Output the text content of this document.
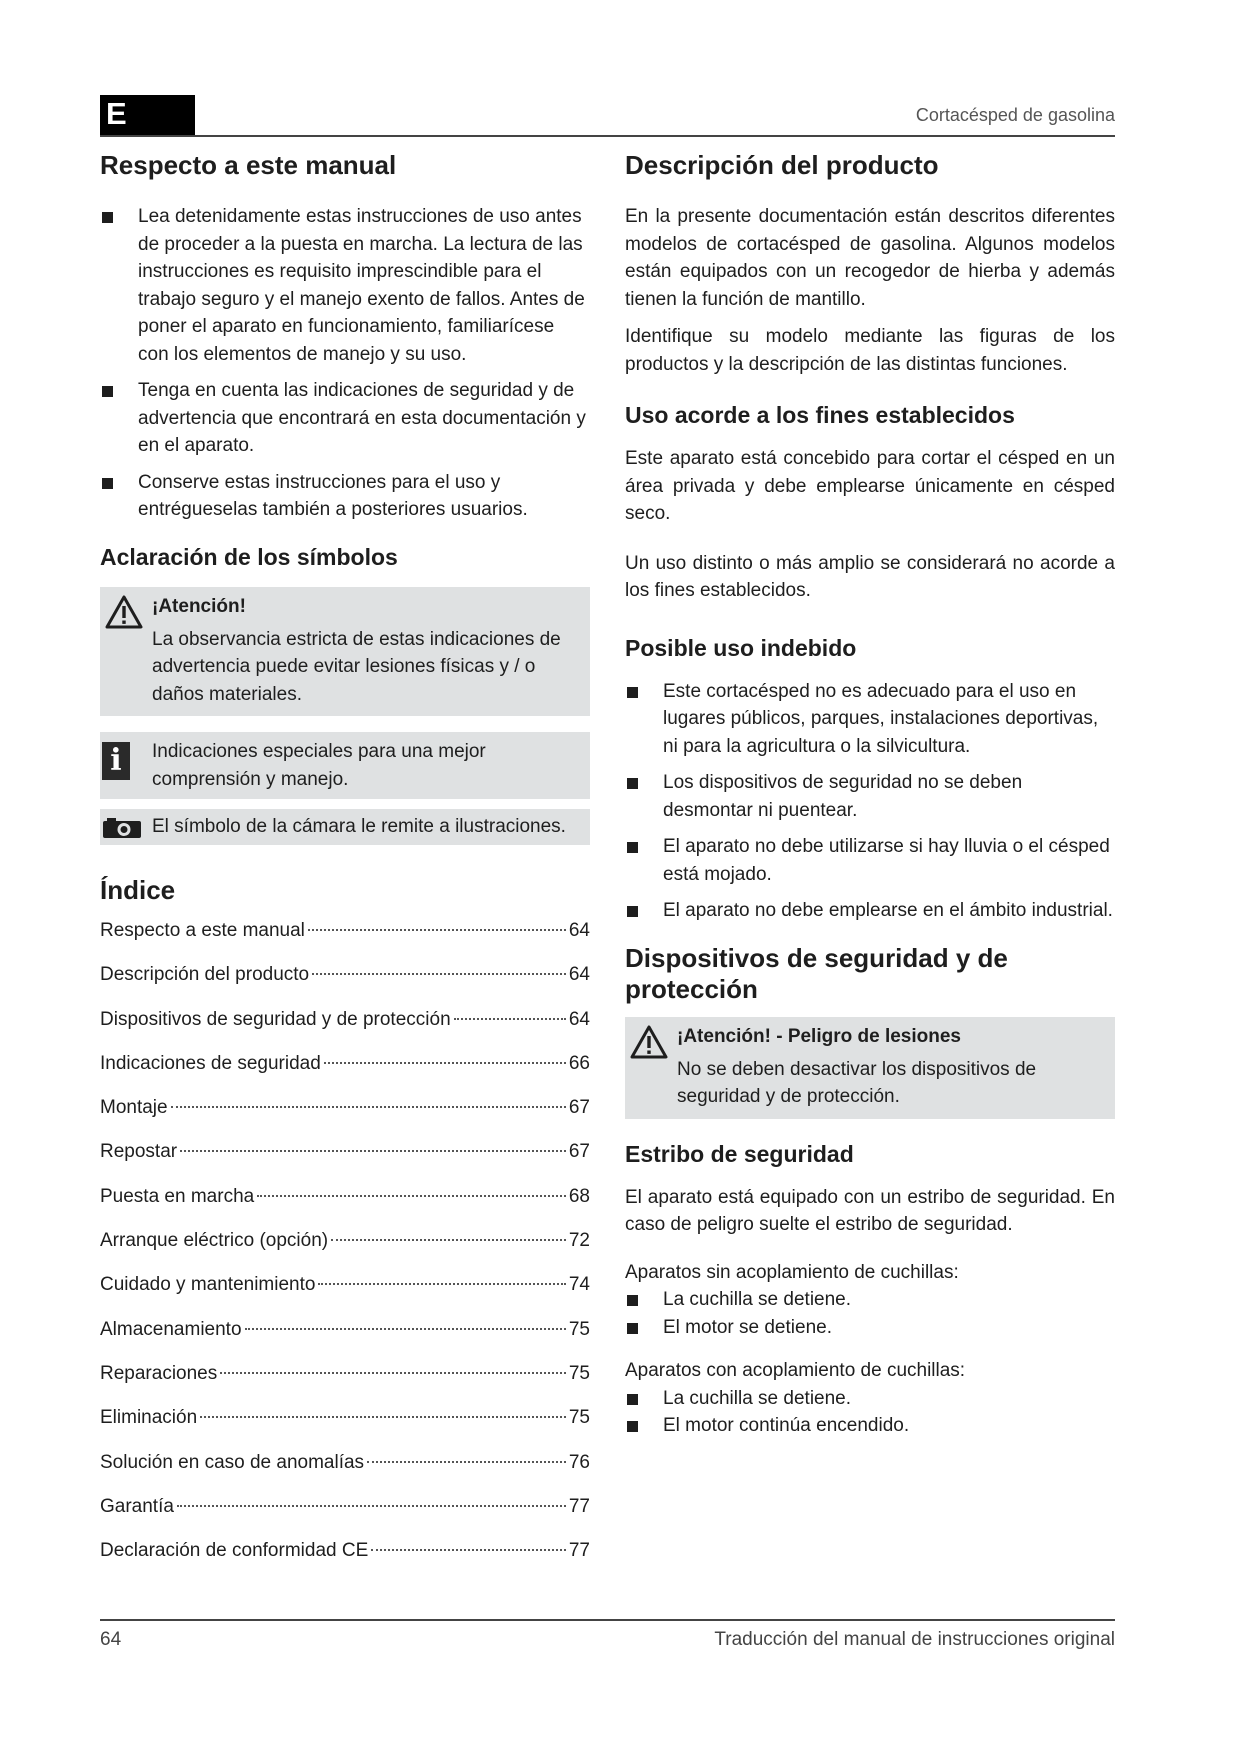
E	Cortacésped de gasolina
Respecto a este manual
Lea detenidamente estas instrucciones de uso antes de proceder a la puesta en marcha. La lectura de las instrucciones es requisito imprescindible para el trabajo seguro y el manejo exento de fallos. Antes de poner el aparato en funcionamiento, familiarícese con los elementos de manejo y su uso.
Tenga en cuenta las indicaciones de seguridad y de advertencia que encontrará en esta documentación y en el aparato.
Conserve estas instrucciones para el uso y entrégueselas también a posteriores usuarios.
Aclaración de los símbolos
¡Atención!
La observancia estricta de estas indicaciones de advertencia puede evitar lesiones físicas y / o daños materiales.
i	Indicaciones especiales para una mejor comprensión y manejo.
El símbolo de la cámara le remite a ilustraciones.
Índice
Respecto a este manual	64
Descripción del producto	64
Dispositivos de seguridad y de protección	64
Indicaciones de seguridad	66
Montaje	67
Repostar	67
Puesta en marcha	68
Arranque eléctrico (opción)	72
Cuidado y mantenimiento	74
Almacenamiento	75
Reparaciones	75
Eliminación	75
Solución en caso de anomalías	76
Garantía	77
Declaración de conformidad CE	77
Descripción del producto

En la presente documentación están descritos diferentes modelos de cortacésped de gasolina. Algunos modelos están equipados con un recogedor de hierba y además tienen la función de mantillo.

Identifique su modelo mediante las figuras de los productos y la descripción de las distintas funciones.

Uso acorde a los fines establecidos

Este aparato está concebido para cortar el césped en un área privada y debe emplearse únicamente en césped seco.

Un uso distinto o más amplio se considerará no acorde a los fines establecidos.

Posible uso indebido
Este cortacésped no es adecuado para el uso en lugares públicos, parques, instalaciones deportivas, ni para la agricultura o la silvicultura.
Los dispositivos de seguridad no se deben desmontar ni puentear.
El aparato no debe utilizarse si hay lluvia o el césped está mojado.
El aparato no debe emplearse en el ámbito industrial.
Dispositivos de seguridad y de protección
¡Atención! - Peligro de lesiones
No se deben desactivar los dispositivos de seguridad y de protección.
Estribo de seguridad

El aparato está equipado con un estribo de seguridad. En caso de peligro suelte el estribo de seguridad.

Aparatos sin acoplamiento de cuchillas:

La cuchilla se detiene.
El motor se detiene.

Aparatos con acoplamiento de cuchillas:

La cuchilla se detiene.
El motor continúa encendido.
64	Traducción del manual de instrucciones original
